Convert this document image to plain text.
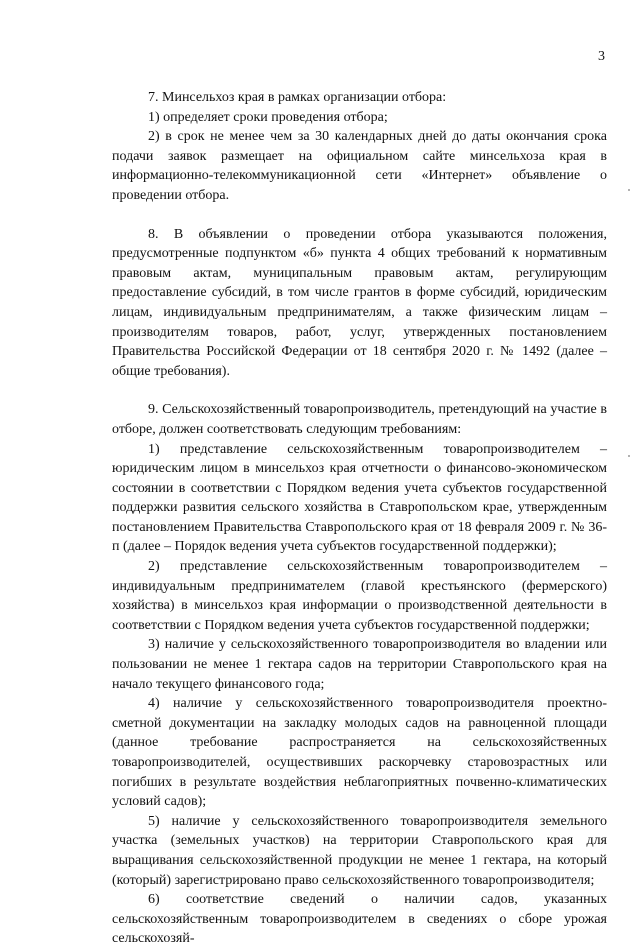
3

7. Минсельхоз края в рамках организации отбора:

1) определяет сроки проведения отбора;

2) в срок не менее чем за 30 календарных дней до даты окончания срока подачи заявок размещает на официальном сайте минсельхоза края в информационно-телекоммуникационной сети «Интернет» объявление о проведении отбора.

8. В объявлении о проведении отбора указываются положения, предусмотренные подпунктом «б» пункта 4 общих требований к нормативным правовым актам, муниципальным правовым актам, регулирующим предоставление субсидий, в том числе грантов в форме субсидий, юридическим лицам, индивидуальным предпринимателям, а также физическим лицам – производителям товаров, работ, услуг, утвержденных постановлением Правительства Российской Федерации от 18 сентября 2020 г. № 1492 (далее – общие требования).

9. Сельскохозяйственный товаропроизводитель, претендующий на участие в отборе, должен соответствовать следующим требованиям:

1) представление сельскохозяйственным товаропроизводителем – юридическим лицом в минсельхоз края отчетности о финансово-экономическом состоянии в соответствии с Порядком ведения учета субъектов государственной поддержки развития сельского хозяйства в Ставропольском крае, утвержденным постановлением Правительства Ставропольского края от 18 февраля 2009 г. № 36-п (далее – Порядок ведения учета субъектов государственной поддержки);

2) представление сельскохозяйственным товаропроизводителем – индивидуальным предпринимателем (главой крестьянского (фермерского) хозяйства) в минсельхоз края информации о производственной деятельности в соответствии с Порядком ведения учета субъектов государственной поддержки;

3) наличие у сельскохозяйственного товаропроизводителя во владении или пользовании не менее 1 гектара садов на территории Ставропольского края на начало текущего финансового года;

4) наличие у сельскохозяйственного товаропроизводителя проектно-сметной документации на закладку молодых садов на равноценной площади (данное требование распространяется на сельскохозяйственных товаропроизводителей, осуществивших раскорчевку старовозрастных или погибших в результате воздействия неблагоприятных почвенно-климатических условий садов);

5) наличие у сельскохозяйственного товаропроизводителя земельного участка (земельных участков) на территории Ставропольского края для выращивания сельскохозяйственной продукции не менее 1 гектара, на который (который) зарегистрировано право сельскохозяйственного товаропроизводителя;

6) соответствие сведений о наличии садов, указанных сельскохозяйственным товаропроизводителем в сведениях о сборе урожая сельскохозяй-
